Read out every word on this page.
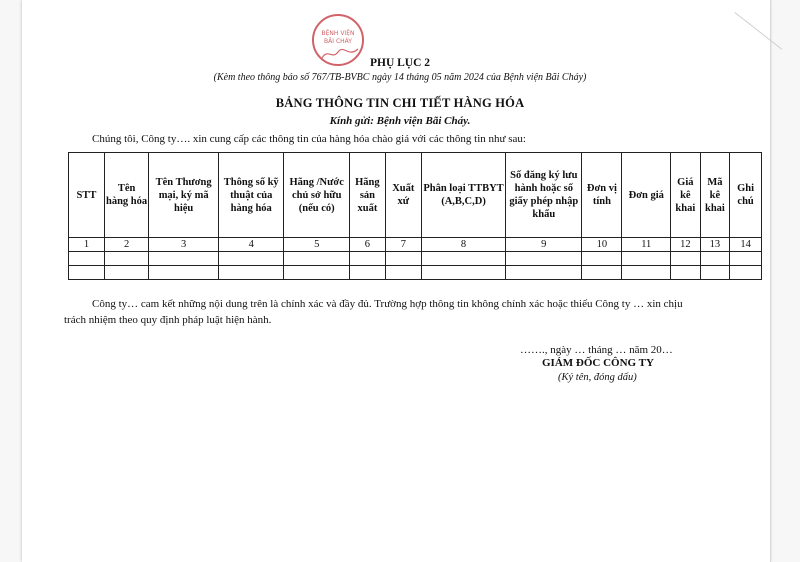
BỆNH VIỆN
BÃI CHÁY
PHỤ LỤC 2
(Kèm theo thông báo số 767/TB-BVBC ngày 14 tháng 05 năm 2024 của Bệnh viện Bãi Cháy)
BẢNG THÔNG TIN CHI TIẾT HÀNG HÓA
Kính gửi: Bệnh viện Bãi Cháy.
Chúng tôi, Công ty…. xin cung cấp các thông tin của hàng hóa chào giá với các thông tin như sau:
STT	Tên hàng hóa	Tên Thương mại, ký mã hiệu	Thông số kỹ thuật của hàng hóa	Hãng /Nước chủ sở hữu (nếu có)	Hãng sản xuất	Xuất xứ	Phân loại TTBYT (A,B,C,D)	Số đăng ký lưu hành hoặc số giấy phép nhập khẩu	Đơn vị tính	Đơn giá	Giá kê khai	Mã kê khai	Ghi chú
1	2	3	4	5	6	7	8	9	10	11	12	13	14

Công ty… cam kết những nội dung trên là chính xác và đầy đủ. Trường hợp thông tin không chính xác hoặc thiếu Công ty … xin chịu
trách nhiệm theo quy định pháp luật hiện hành.
……., ngày … tháng … năm 20…
GIÁM ĐỐC CÔNG TY
(Ký tên, đóng dấu)
